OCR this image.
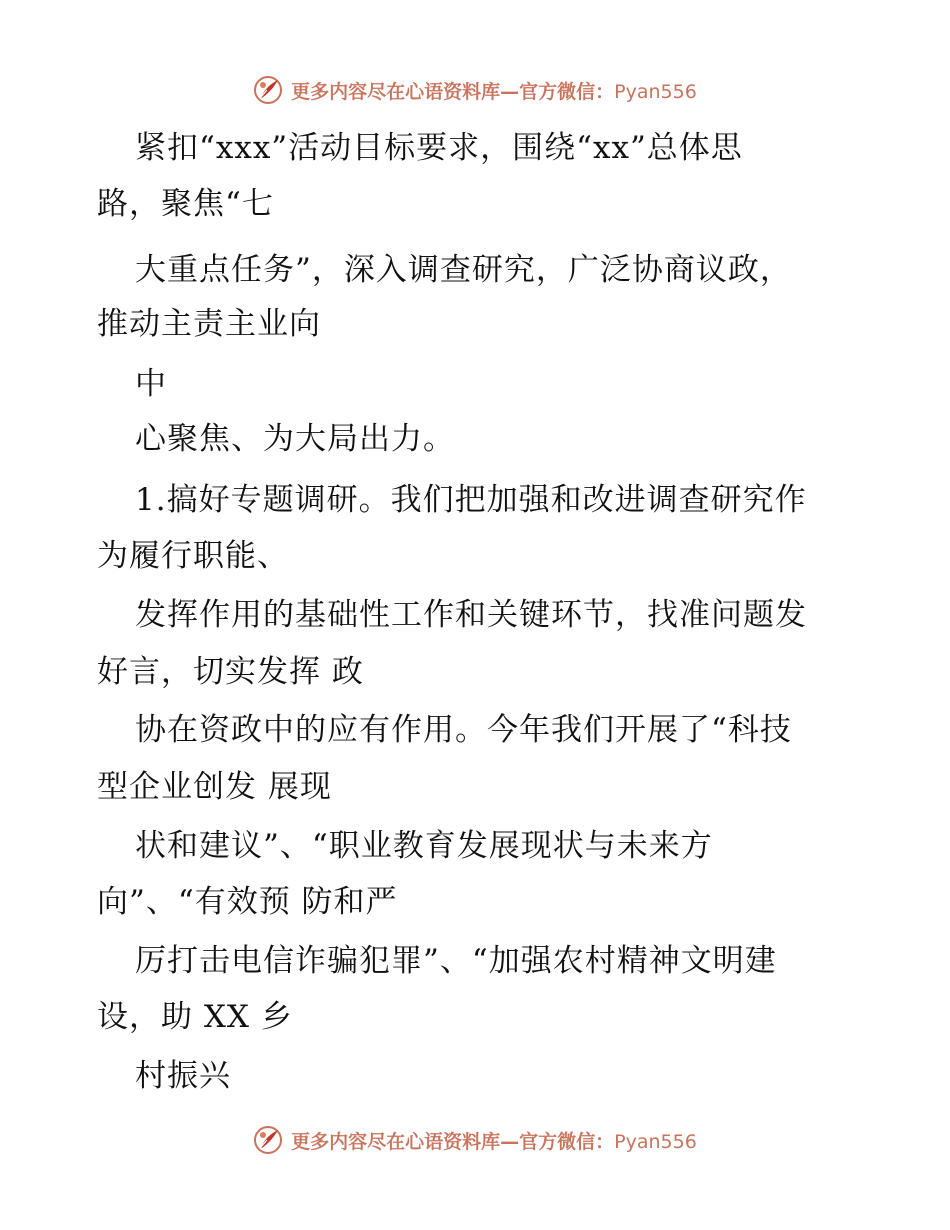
更多内容尽在心语资料库—官方微信：Pyan556
紧扣“xxx”活动目标要求，围绕“xx”总体思
路，聚焦“七
大重点任务”，深入调查研究，广泛协商议政，
推动主责主业向
中
心聚焦、为大局出力。
1.搞好专题调研。我们把加强和改进调查研究作
为履行职能、
发挥作用的基础性工作和关键环节，找准问题发
好言，切实发挥 政
协在资政中的应有作用。今年我们开展了“科技
型企业创发 展现
状和建议”、“职业教育发展现状与未来方
向”、“有效预 防和严
厉打击电信诈骗犯罪”、“加强农村精神文明建
设，助 XX 乡
村振兴
更多内容尽在心语资料库—官方微信：Pyan556
